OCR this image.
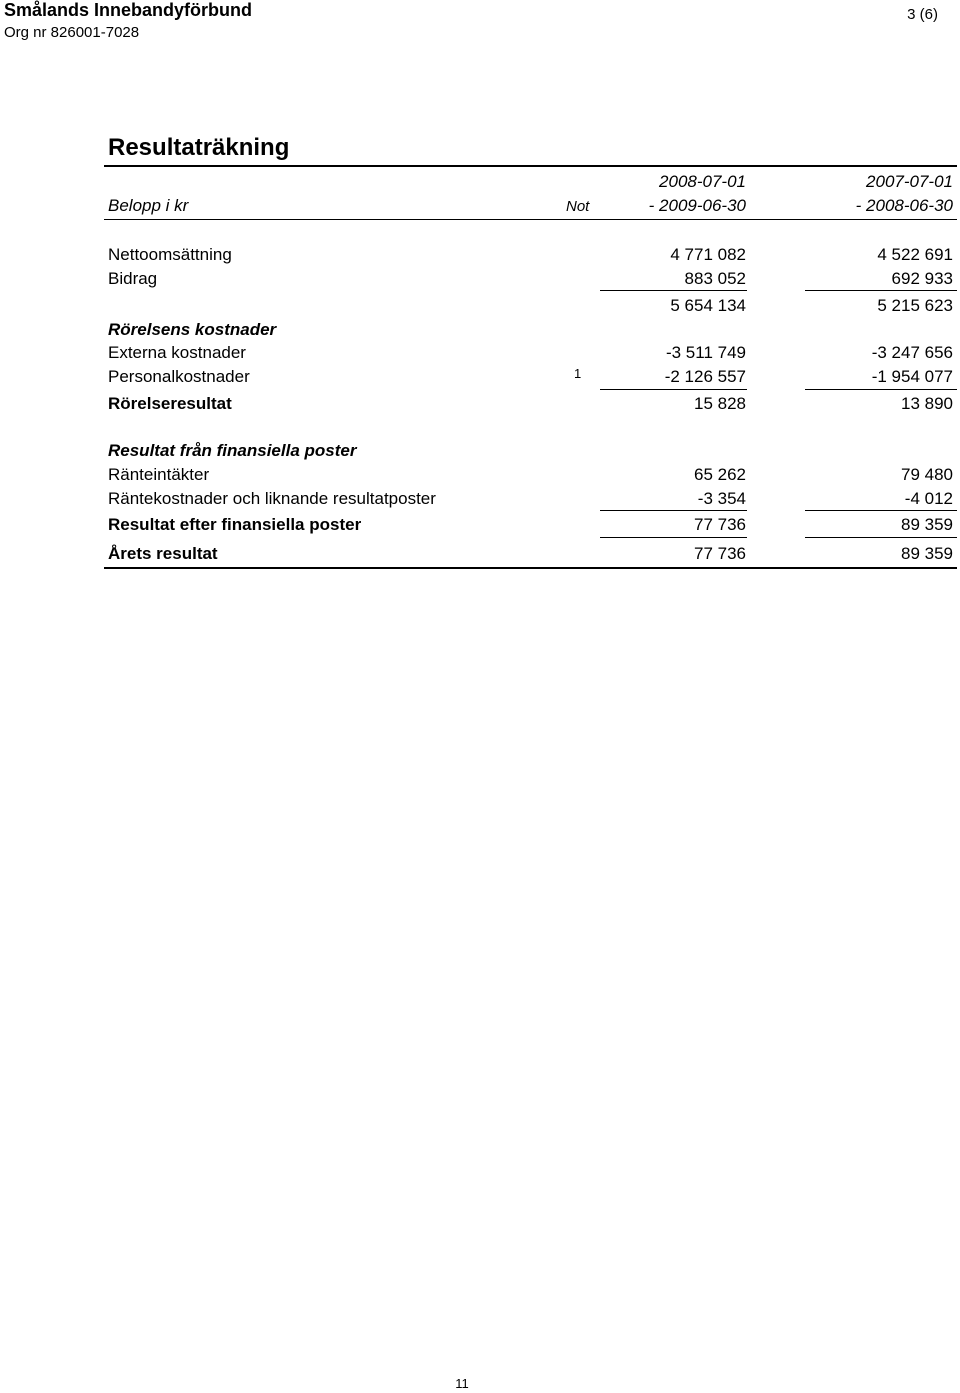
Smålands Innebandyförbund
Org nr 826001-7028
3 (6)
Resultaträkning
2008-07-01	2007-07-01
Belopp i kr	Not	- 2009-06-30	- 2008-06-30
Nettoomsättning	4 771 082	4 522 691
Bidrag	883 052	692 933
5 654 134	5 215 623
Rörelsens kostnader
Externa kostnader	-3 511 749	-3 247 656
Personalkostnader	1	-2 126 557	-1 954 077
Rörelseresultat	15 828	13 890
Resultat från finansiella poster
Ränteintäkter	65 262	79 480
Räntekostnader och liknande resultatposter	-3 354	-4 012
Resultat efter finansiella poster	77 736	89 359
Årets resultat	77 736	89 359
11
